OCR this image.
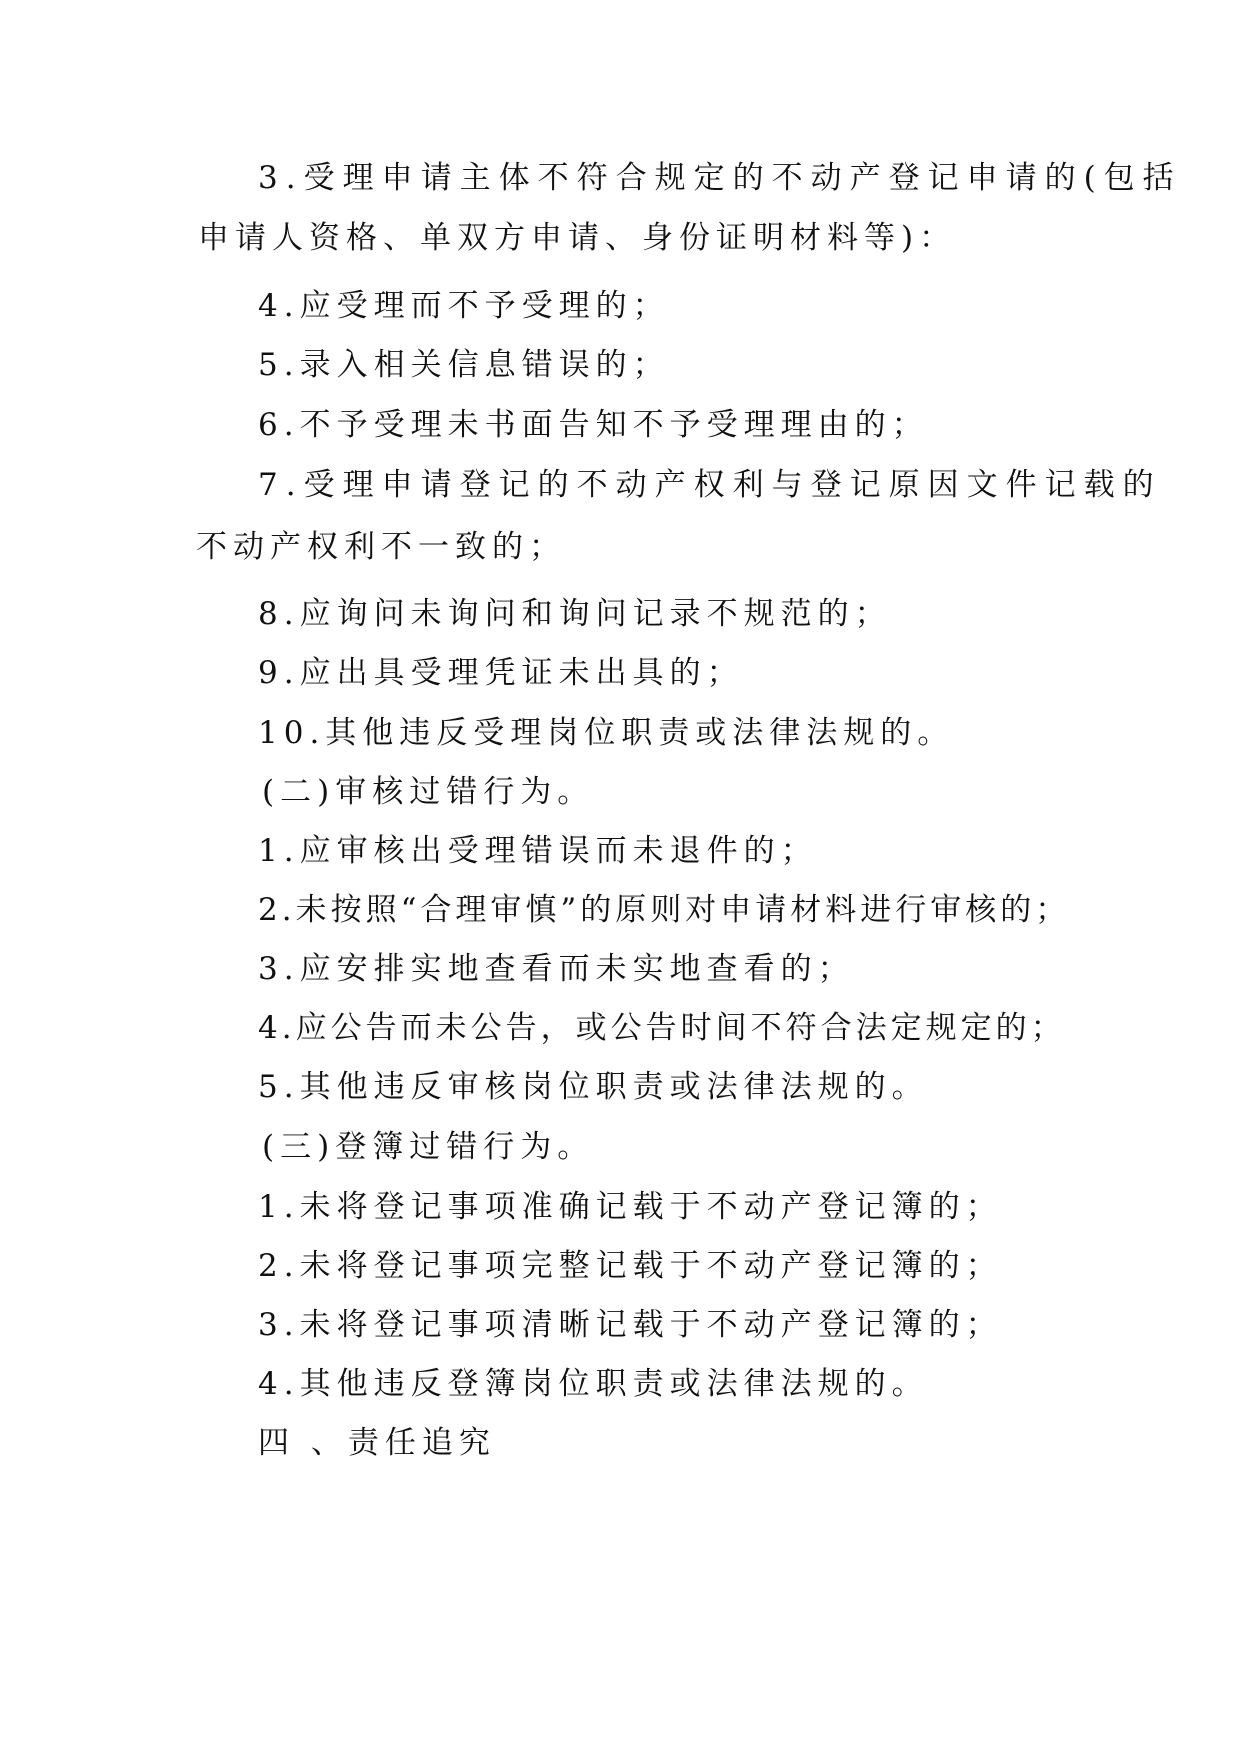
3.受理申请主体不符合规定的不动产登记申请的(包括
申请人资格、单双方申请、身份证明材料等)：
4.应受理而不予受理的；
5.录入相关信息错误的；
6.不予受理未书面告知不予受理理由的；
7.受理申请登记的不动产权利与登记原因文件记载的
不动产权利不一致的；
8.应询问未询问和询问记录不规范的；
9.应出具受理凭证未出具的；
10.其他违反受理岗位职责或法律法规的。
(二)审核过错行为。
1.应审核出受理错误而未退件的；
2.未按照“合理审慎”的原则对申请材料进行审核的；
3.应安排实地查看而未实地查看的；
4.应公告而未公告，或公告时间不符合法定规定的；
5.其他违反审核岗位职责或法律法规的。
(三)登簿过错行为。
1.未将登记事项准确记载于不动产登记簿的；
2.未将登记事项完整记载于不动产登记簿的；
3.未将登记事项清晰记载于不动产登记簿的；
4.其他违反登簿岗位职责或法律法规的。
四 、责任追究
